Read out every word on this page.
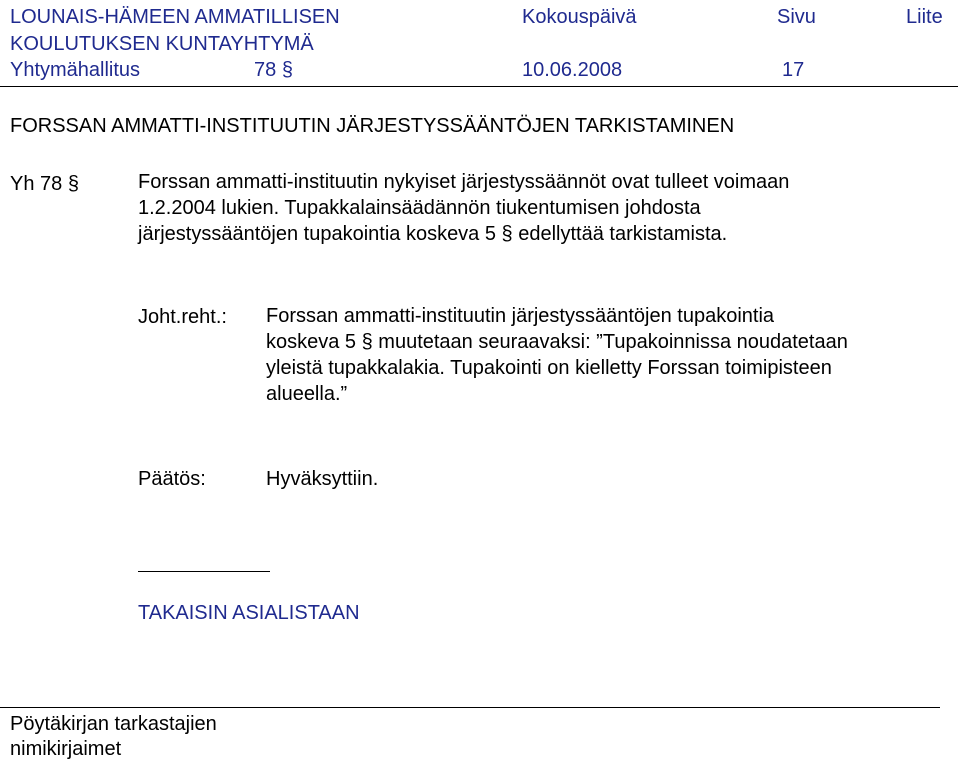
LOUNAIS-HÄMEEN AMMATILLISEN	Kokouspäivä	Sivu	Liite
KOULUTUKSEN KUNTAYHTYMÄ
Yhtymähallitus	78 §	10.06.2008	17
FORSSAN AMMATTI-INSTITUUTIN JÄRJESTYSSÄÄNTÖJEN TARKISTAMINEN
Yh 78 §	Forssan ammatti-instituutin nykyiset järjestyssäännöt ovat tulleet voimaan
1.2.2004 lukien. Tupakkalainsäädännön tiukentumisen johdosta
järjestyssääntöjen tupakointia koskeva 5 § edellyttää tarkistamista.
Joht.reht.: Forssan ammatti-instituutin järjestyssääntöjen tupakointia
koskeva 5 § muutetaan seuraavaksi: ”Tupakoinnissa noudatetaan
yleistä tupakkalakia. Tupakointi on kielletty Forssan toimipisteen
alueella.”
Päätös:	Hyväksyttiin.
TAKAISIN ASIALISTAAN
Pöytäkirjan tarkastajien
nimikirjaimet
